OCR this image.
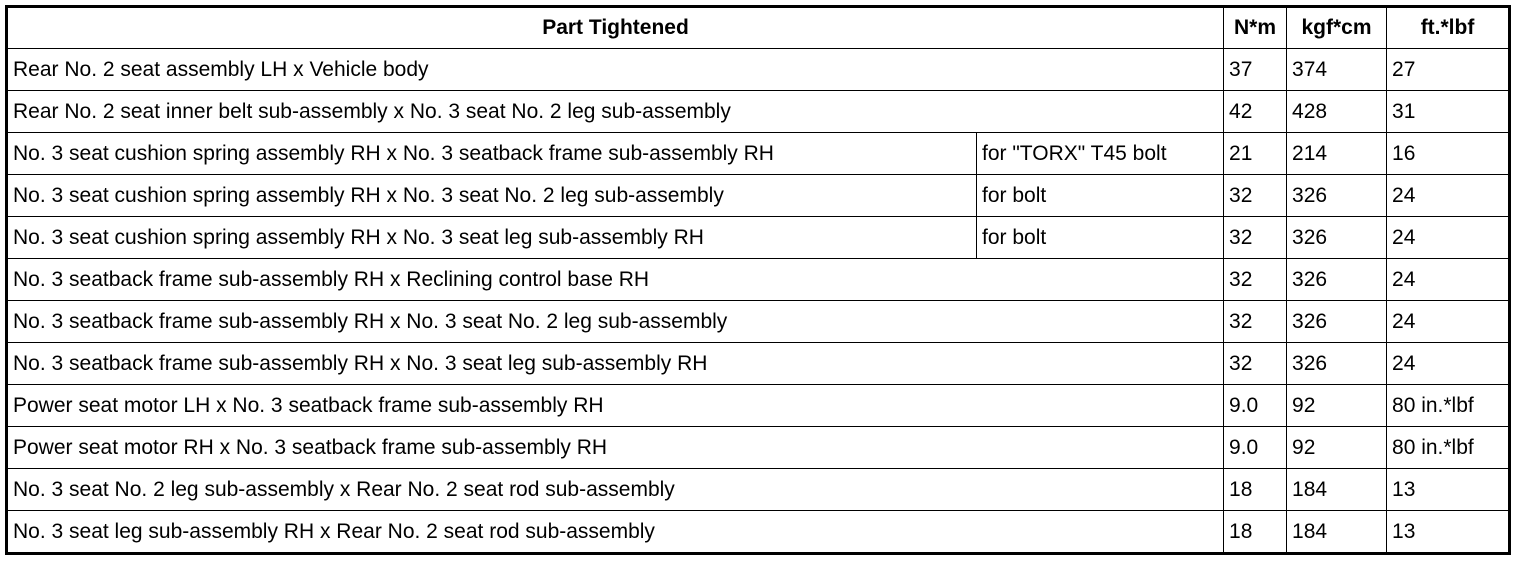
Part Tightened		N*m	kgf*cm	ft.*lbf
Rear No. 2 seat assembly LH x Vehicle body		37	374	27
Rear No. 2 seat inner belt sub-assembly x No. 3 seat No. 2 leg sub-assembly		42	428	31
No. 3 seat cushion spring assembly RH x No. 3 seatback frame sub-assembly RH	for "TORX" T45 bolt	21	214	16
No. 3 seat cushion spring assembly RH x No. 3 seat No. 2 leg sub-assembly	for bolt	32	326	24
No. 3 seat cushion spring assembly RH x No. 3 seat leg sub-assembly RH	for bolt	32	326	24
No. 3 seatback frame sub-assembly RH x Reclining control base RH		32	326	24
No. 3 seatback frame sub-assembly RH x No. 3 seat No. 2 leg sub-assembly		32	326	24
No. 3 seatback frame sub-assembly RH x No. 3 seat leg sub-assembly RH		32	326	24
Power seat motor LH x No. 3 seatback frame sub-assembly RH		9.0	92	80 in.*lbf
Power seat motor RH x No. 3 seatback frame sub-assembly RH		9.0	92	80 in.*lbf
No. 3 seat No. 2 leg sub-assembly x Rear No. 2 seat rod sub-assembly		18	184	13
No. 3 seat leg sub-assembly RH x Rear No. 2 seat rod sub-assembly		18	184	13
